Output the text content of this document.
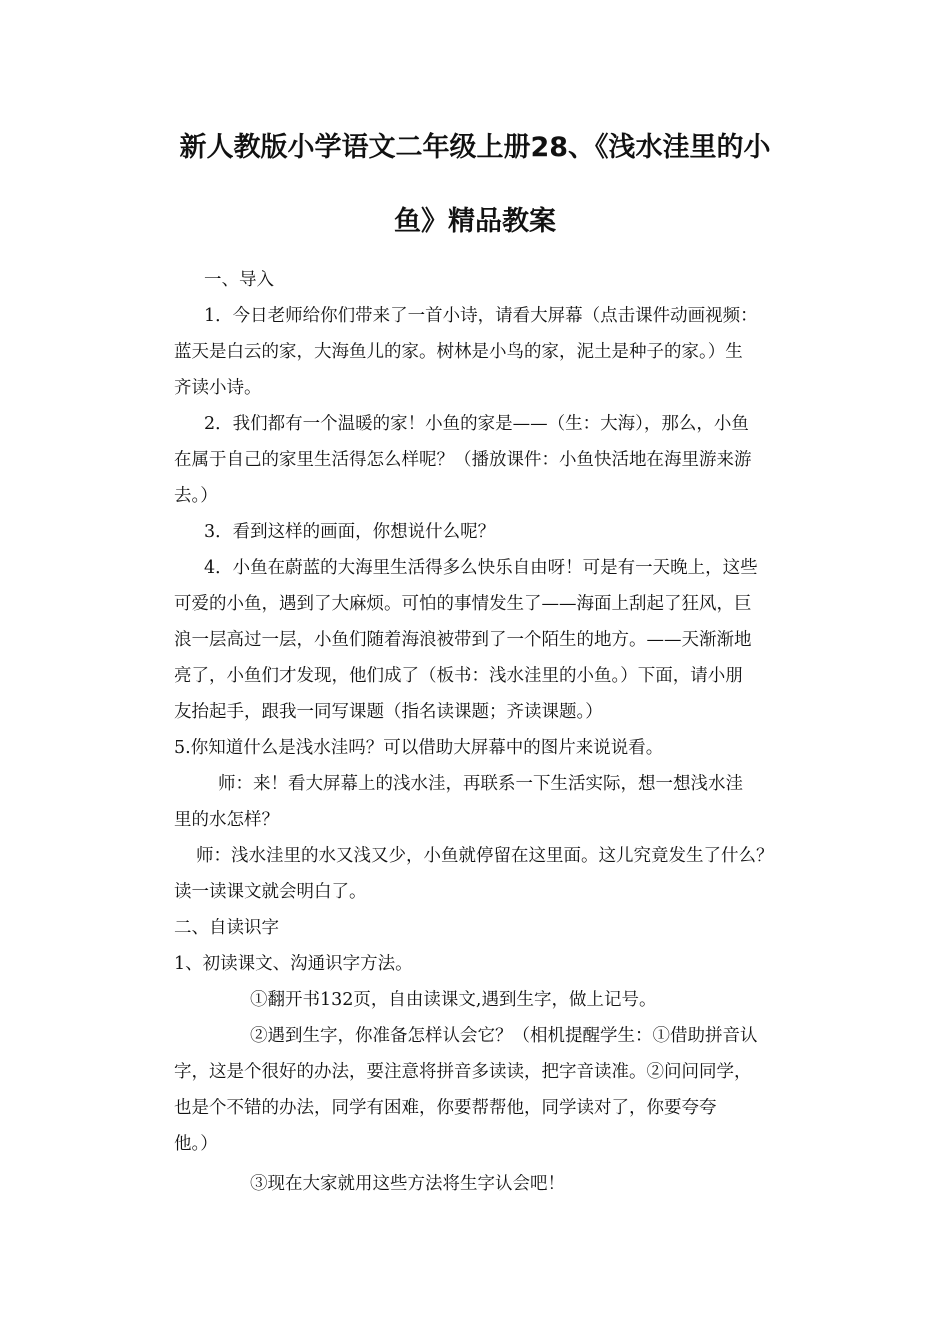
新人教版小学语文二年级上册28、《浅水洼里的小
鱼》精品教案
一、导入
1．今日老师给你们带来了一首小诗，请看大屏幕（点击课件动画视频：
蓝天是白云的家，大海鱼儿的家。树林是小鸟的家，泥土是种子的家。）生
齐读小诗。
2．我们都有一个温暖的家！小鱼的家是——（生：大海），那么，小鱼
在属于自己的家里生活得怎么样呢？（播放课件：小鱼快活地在海里游来游
去。）
3．看到这样的画面，你想说什么呢？
4．小鱼在蔚蓝的大海里生活得多么快乐自由呀！可是有一天晚上，这些
可爱的小鱼，遇到了大麻烦。可怕的事情发生了——海面上刮起了狂风，巨
浪一层高过一层，小鱼们随着海浪被带到了一个陌生的地方。——天渐渐地
亮了，小鱼们才发现，他们成了（板书：浅水洼里的小鱼。）下面，请小朋
友抬起手，跟我一同写课题（指名读课题；齐读课题。）
5.你知道什么是浅水洼吗？可以借助大屏幕中的图片来说说看。
师：来！看大屏幕上的浅水洼，再联系一下生活实际，想一想浅水洼
里的水怎样？
师：浅水洼里的水又浅又少，小鱼就停留在这里面。这儿究竟发生了什么？
读一读课文就会明白了。
二、自读识字
1、初读课文、沟通识字方法。
①翻开书132页，自由读课文,遇到生字，做上记号。
②遇到生字，你准备怎样认会它？（相机提醒学生：①借助拼音认
字，这是个很好的办法，要注意将拼音多读读，把字音读准。②问问同学，
也是个不错的办法，同学有困难，你要帮帮他，同学读对了，你要夸夸
他。）
③现在大家就用这些方法将生字认会吧！
